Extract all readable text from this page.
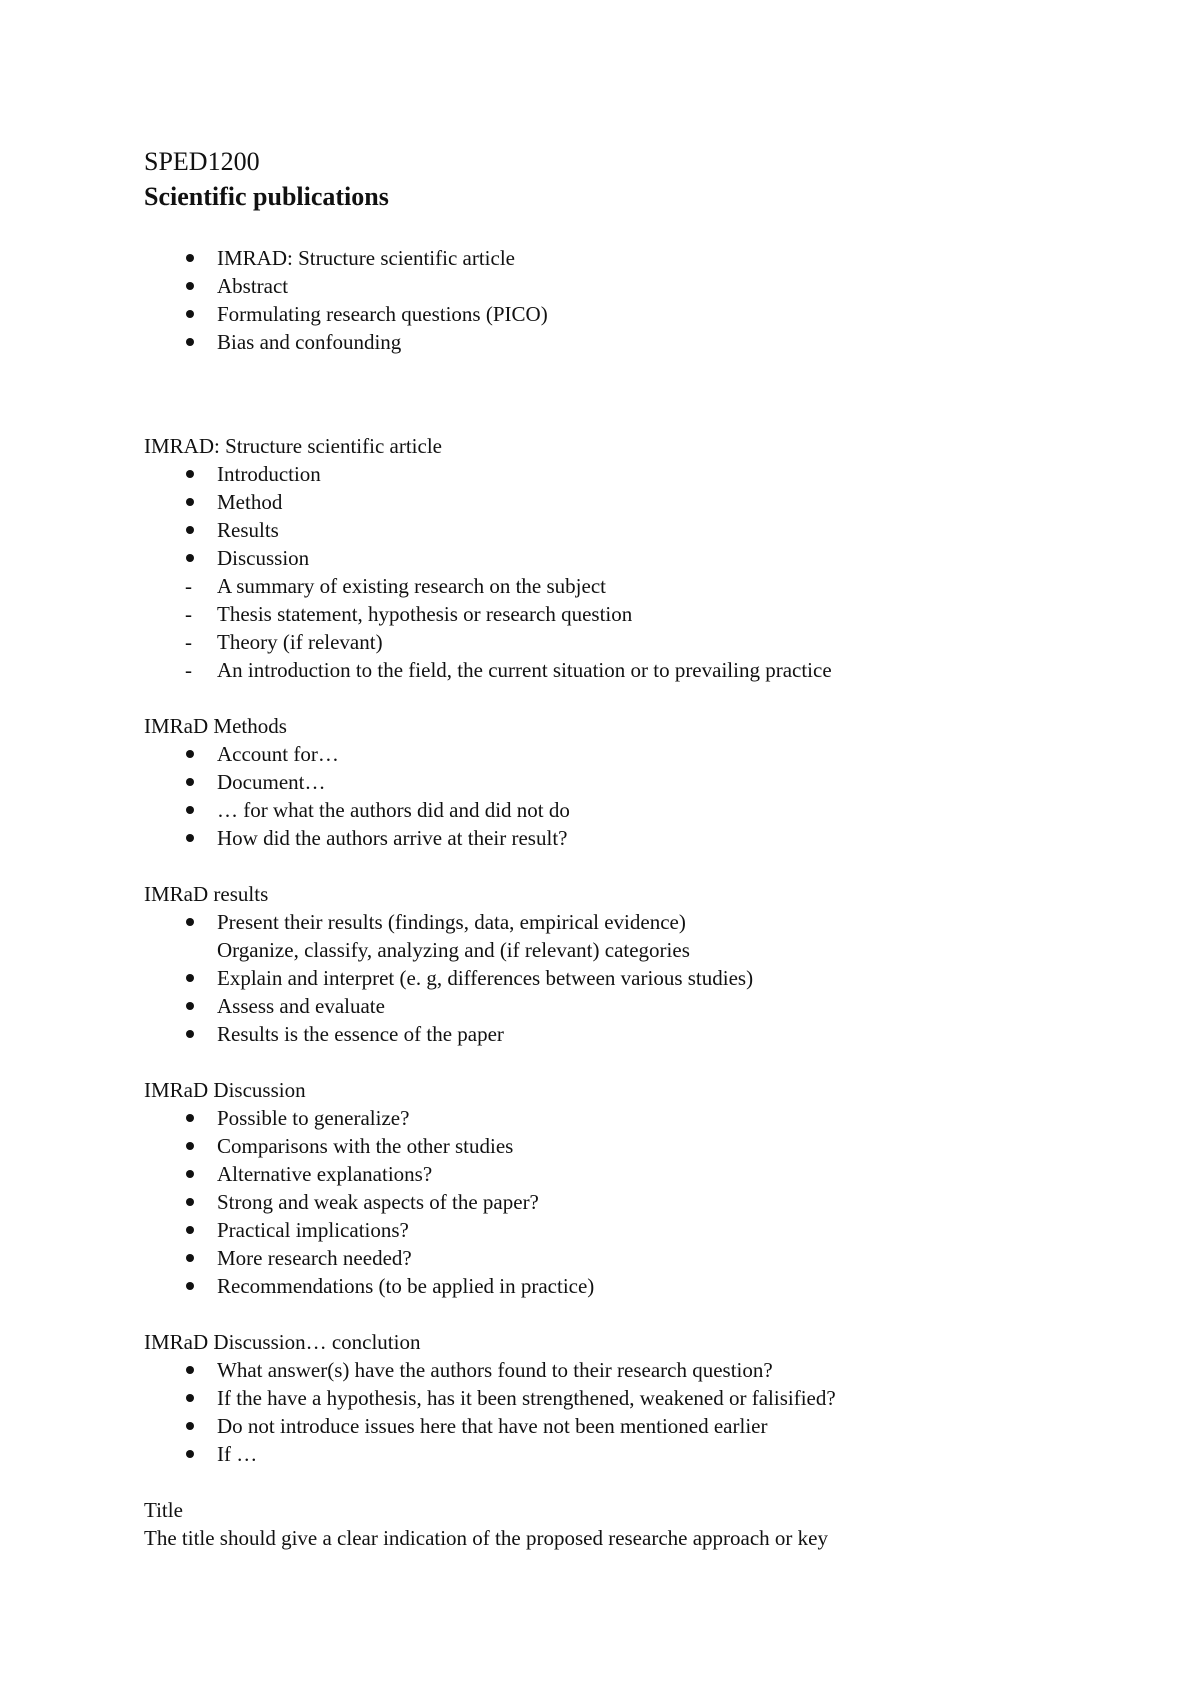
SPED1200
Scientific publications
IMRAD: Structure scientific article
Abstract
Formulating research questions (PICO)
Bias and confounding
IMRAD: Structure scientific article
Introduction
Method
Results
Discussion
- A summary of existing research on the subject
- Thesis statement, hypothesis or research question
- Theory (if relevant)
- An introduction to the field, the current situation or to prevailing practice
IMRaD Methods
Account for…
Document…
… for what the authors did and did not do
How did the authors arrive at their result?
IMRaD results
Present their results (findings, data, empirical evidence)
Organize, classify, analyzing and (if relevant) categories
Explain and interpret (e. g, differences between various studies)
Assess and evaluate
Results is the essence of the paper
IMRaD Discussion
Possible to generalize?
Comparisons with the other studies
Alternative explanations?
Strong and weak aspects of the paper?
Practical implications?
More research needed?
Recommendations (to be applied in practice)
IMRaD Discussion… conclution
What answer(s) have the authors found to their research question?
If the have a hypothesis, has it been strengthened, weakened or falisified?
Do not introduce issues here that have not been mentioned earlier
If …
Title
The title should give a clear indication of the proposed researche approach or key
